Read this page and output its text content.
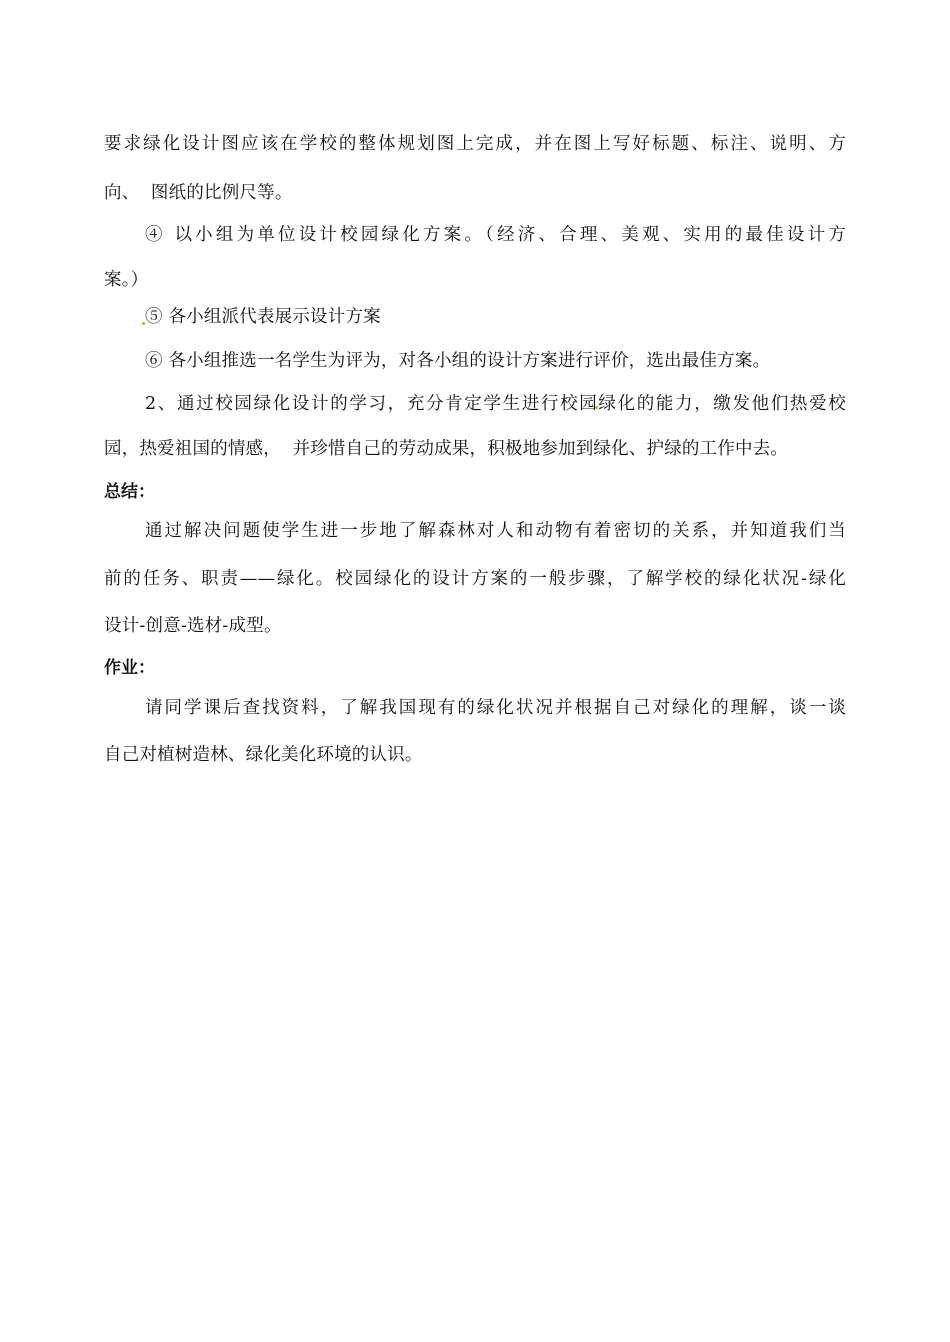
要求绿化设计图应该在学校的整体规划图上完成，并在图上写好标题、标注、说明、方
向、  图纸的比例尺等。
④ 以小组为单位设计校园绿化方案。（经济、合理、美观、实用的最佳设计方
案。）
⑤ 各小组派代表展示设计方案
⑥ 各小组推选一名学生为评为，对各小组的设计方案进行评价，选出最佳方案。
2、通过校园绿化设计的学习，充分肯定学生进行校园绿化的能力，缴发他们热爱校
园，热爱祖国的情感，  并珍惜自己的劳动成果，积极地参加到绿化、护绿的工作中去。
总结：
通过解决问题使学生进一步地了解森林对人和动物有着密切的关系，并知道我们当
前的任务、职责——绿化。校园绿化的设计方案的一般步骤，了解学校的绿化状况-绿化
设计-创意-选材-成型。
作业：
请同学课后查找资料，了解我国现有的绿化状况并根据自己对绿化的理解，谈一谈
自己对植树造林、绿化美化环境的认识。
